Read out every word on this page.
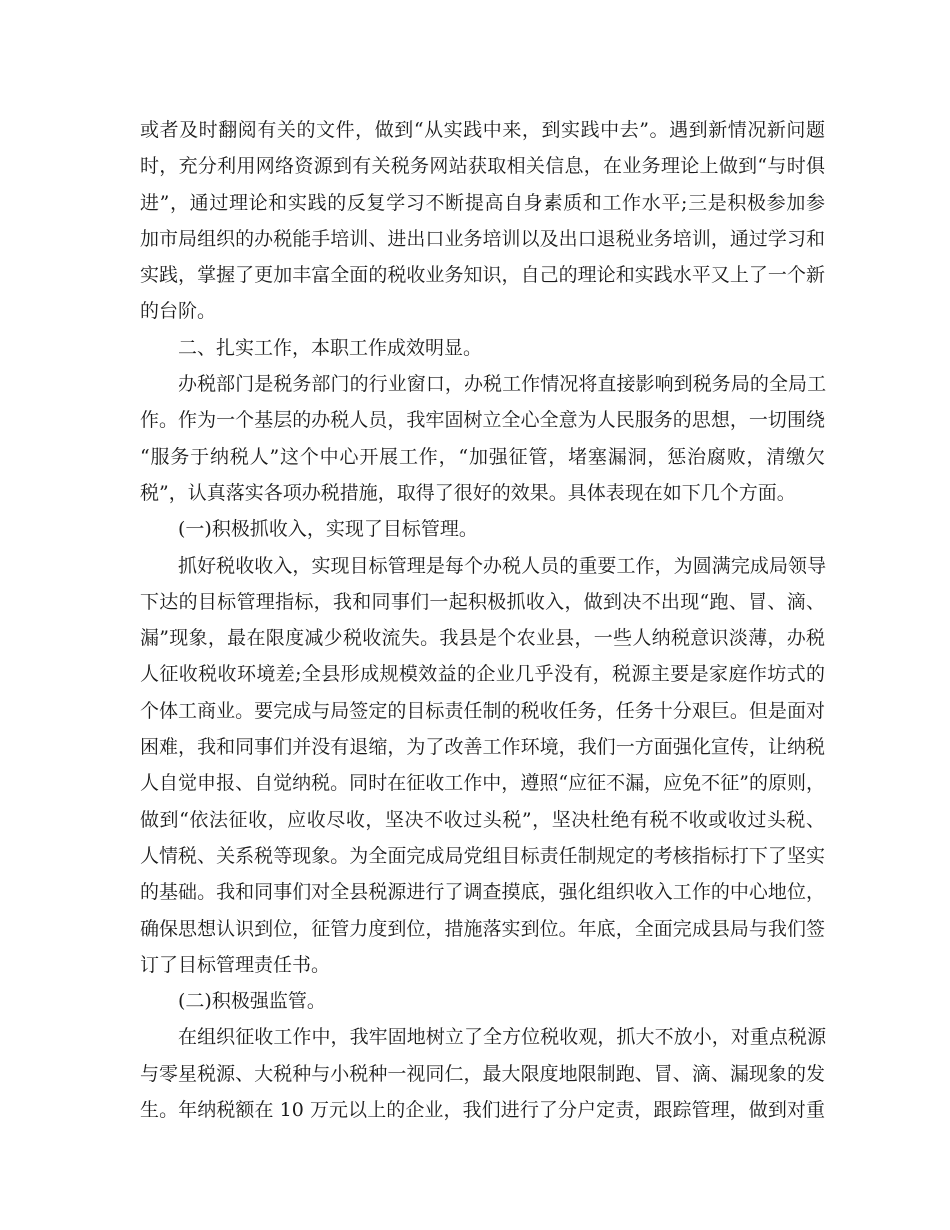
或者及时翻阅有关的文件，做到“从实践中来，到实践中去”。遇到新情况新问题
时，充分利用网络资源到有关税务网站获取相关信息，在业务理论上做到“与时俱
进”，通过理论和实践的反复学习不断提高自身素质和工作水平;三是积极参加参
加市局组织的办税能手培训、进出口业务培训以及出口退税业务培训，通过学习和
实践，掌握了更加丰富全面的税收业务知识，自己的理论和实践水平又上了一个新
的台阶。
二、扎实工作，本职工作成效明显。
办税部门是税务部门的行业窗口，办税工作情况将直接影响到税务局的全局工
作。作为一个基层的办税人员，我牢固树立全心全意为人民服务的思想，一切围绕
“服务于纳税人”这个中心开展工作，“加强征管，堵塞漏洞，惩治腐败，清缴欠
税”，认真落实各项办税措施，取得了很好的效果。具体表现在如下几个方面。
(一)积极抓收入，实现了目标管理。
抓好税收收入，实现目标管理是每个办税人员的重要工作，为圆满完成局领导
下达的目标管理指标，我和同事们一起积极抓收入，做到决不出现“跑、冒、滴、
漏”现象，最在限度减少税收流失。我县是个农业县，一些人纳税意识淡薄，办税
人征收税收环境差;全县形成规模效益的企业几乎没有，税源主要是家庭作坊式的
个体工商业。要完成与局签定的目标责任制的税收任务，任务十分艰巨。但是面对
困难，我和同事们并没有退缩，为了改善工作环境，我们一方面强化宣传，让纳税
人自觉申报、自觉纳税。同时在征收工作中，遵照“应征不漏，应免不征”的原则，
做到“依法征收，应收尽收，坚决不收过头税”，坚决杜绝有税不收或收过头税、
人情税、关系税等现象。为全面完成局党组目标责任制规定的考核指标打下了坚实
的基础。我和同事们对全县税源进行了调查摸底，强化组织收入工作的中心地位，
确保思想认识到位，征管力度到位，措施落实到位。年底，全面完成县局与我们签
订了目标管理责任书。
(二)积极强监管。
在组织征收工作中，我牢固地树立了全方位税收观，抓大不放小，对重点税源
与零星税源、大税种与小税种一视同仁，最大限度地限制跑、冒、滴、漏现象的发
生。年纳税额在 10 万元以上的企业，我们进行了分户定责，跟踪管理，做到对重
